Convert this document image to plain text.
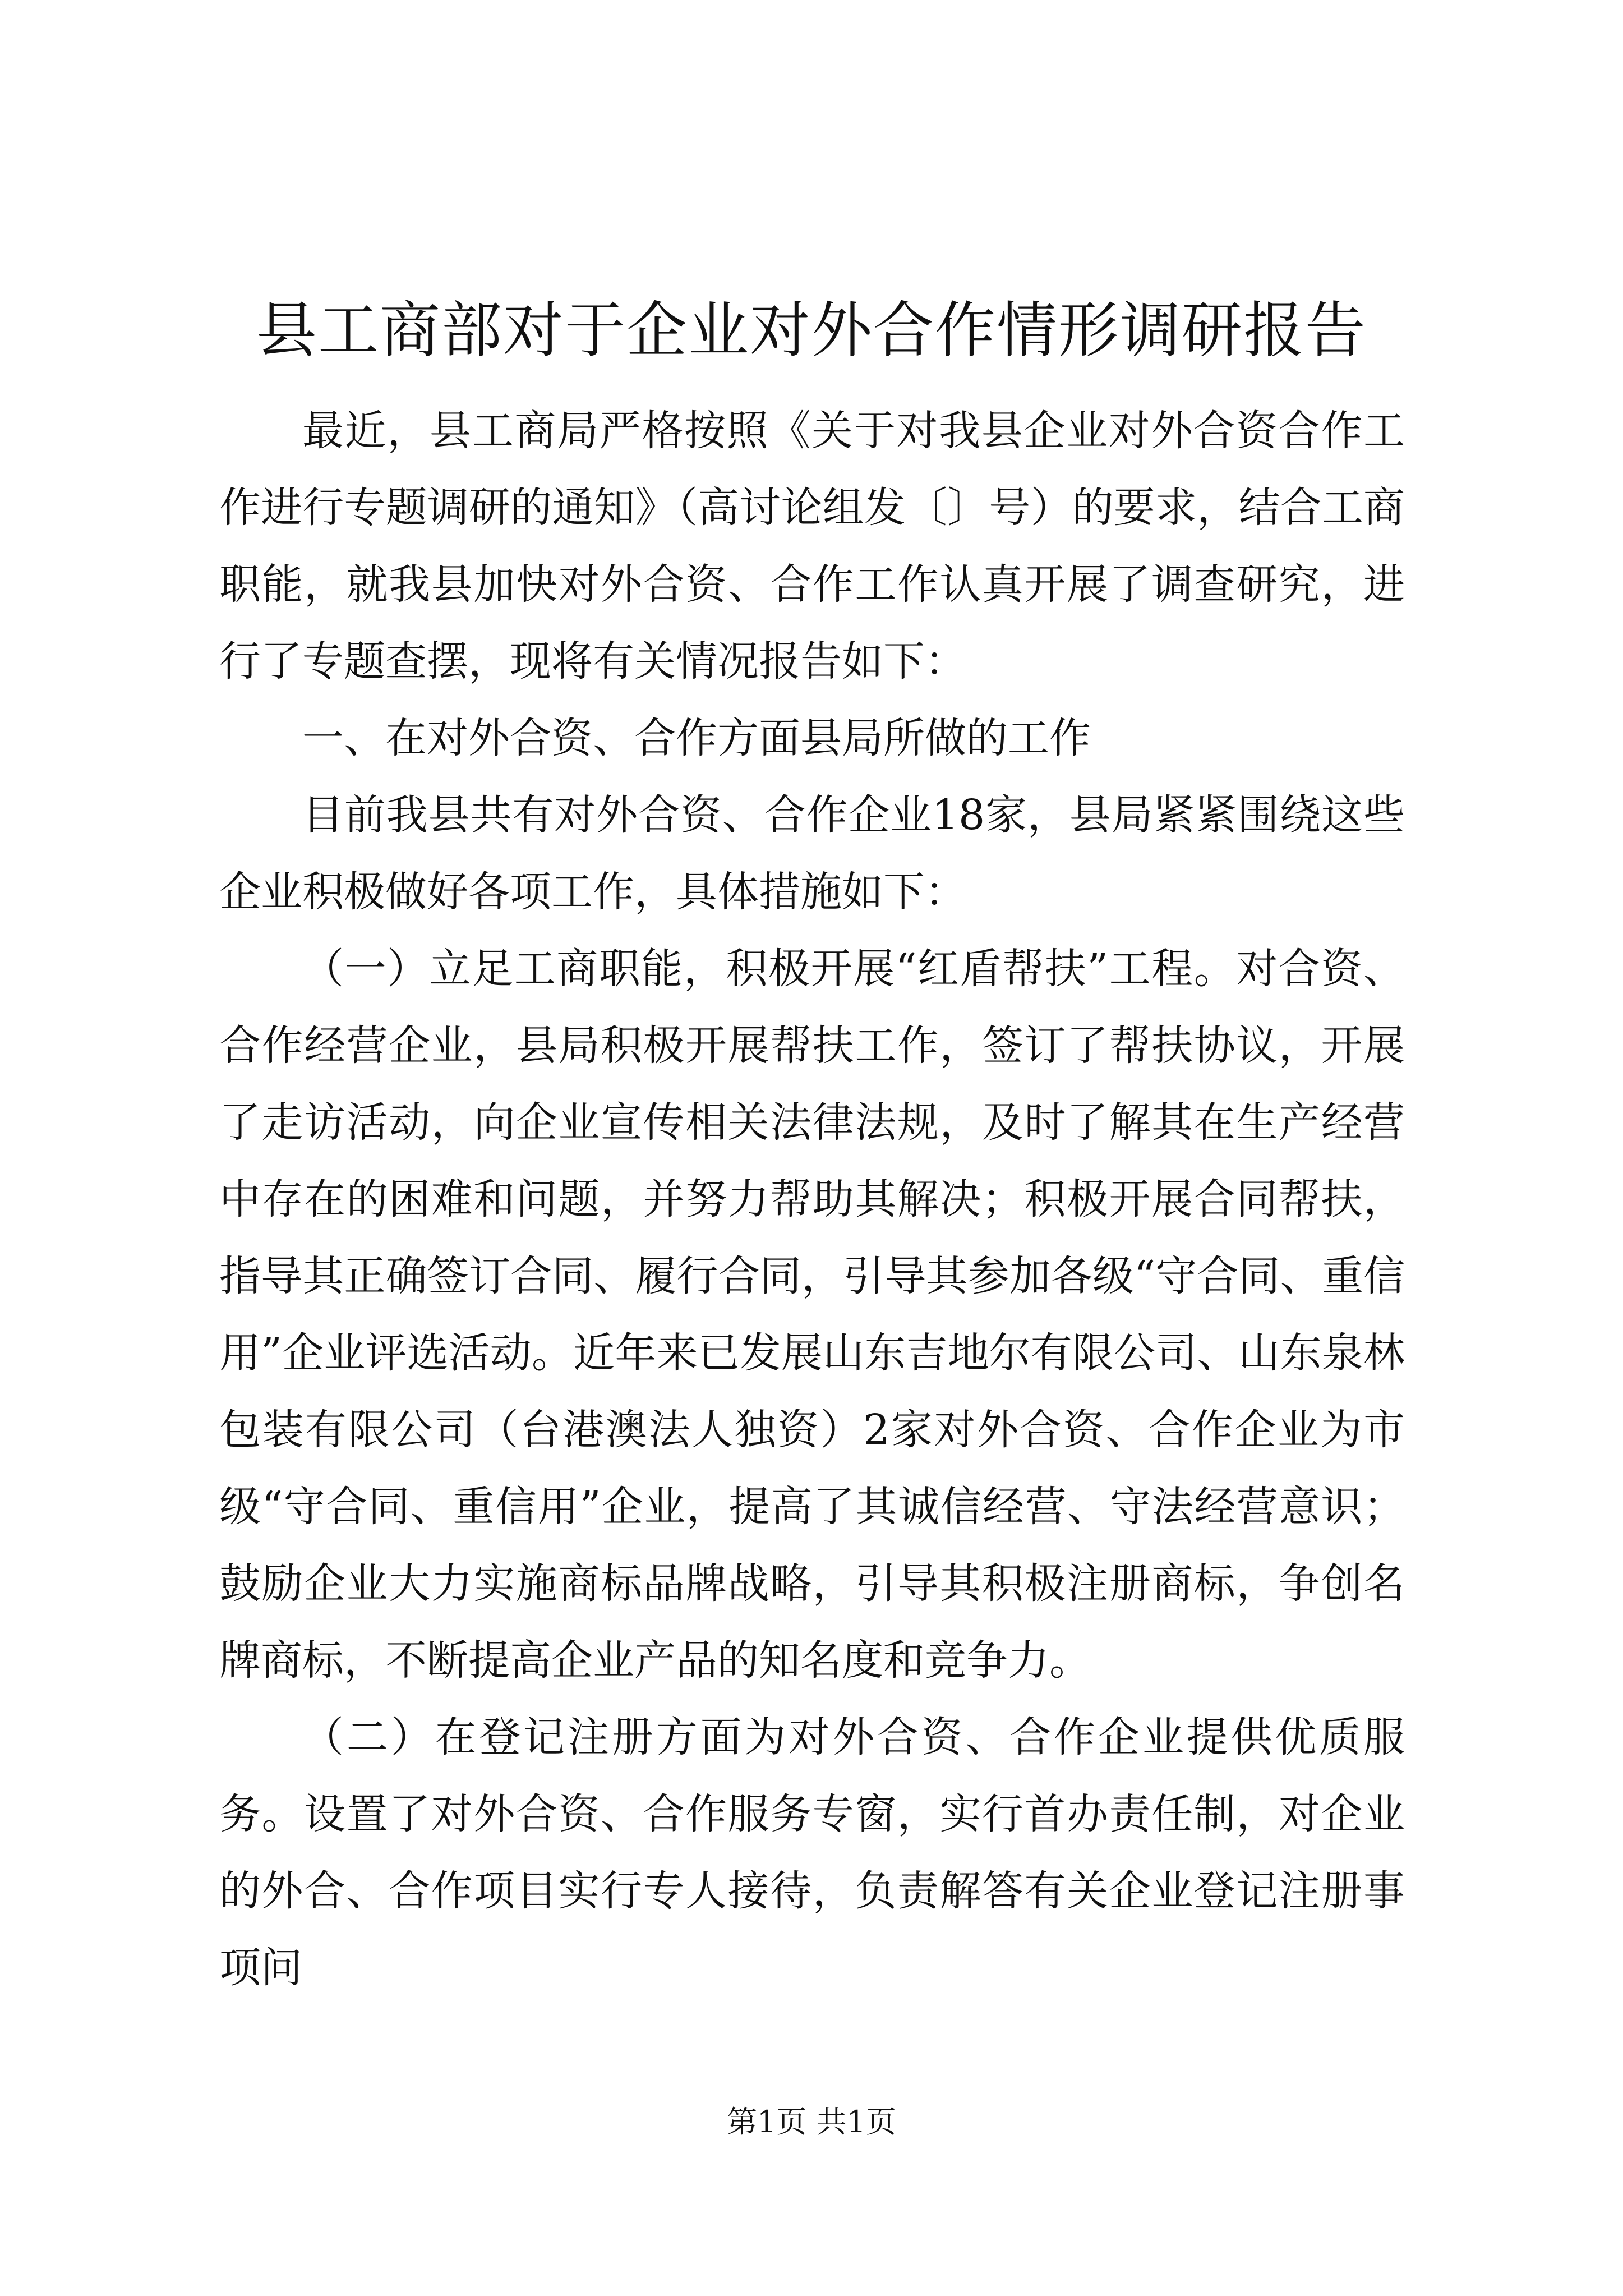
县工商部对于企业对外合作情形调研报告

最近，县工商局严格按照《关于对我县企业对外合资合作工作进行专题调研的通知》（高讨论组发〔〕号）的要求，结合工商职能，就我县加快对外合资、合作工作认真开展了调查研究，进行了专题查摆，现将有关情况报告如下：

一、在对外合资、合作方面县局所做的工作

目前我县共有对外合资、合作企业18家，县局紧紧围绕这些企业积极做好各项工作，具体措施如下：

（一）立足工商职能，积极开展“红盾帮扶”工程。对合资、合作经营企业，县局积极开展帮扶工作，签订了帮扶协议，开展了走访活动，向企业宣传相关法律法规，及时了解其在生产经营中存在的困难和问题，并努力帮助其解决；积极开展合同帮扶，指导其正确签订合同、履行合同，引导其参加各级“守合同、重信用”企业评选活动。近年来已发展山东吉地尔有限公司、山东泉林包装有限公司（台港澳法人独资）2家对外合资、合作企业为市级“守合同、重信用”企业，提高了其诚信经营、守法经营意识；鼓励企业大力实施商标品牌战略，引导其积极注册商标，争创名牌商标，不断提高企业产品的知名度和竞争力。

（二）在登记注册方面为对外合资、合作企业提供优质服务。设置了对外合资、合作服务专窗，实行首办责任制，对企业的外合、合作项目实行专人接待，负责解答有关企业登记注册事项问

第1页 共1页
